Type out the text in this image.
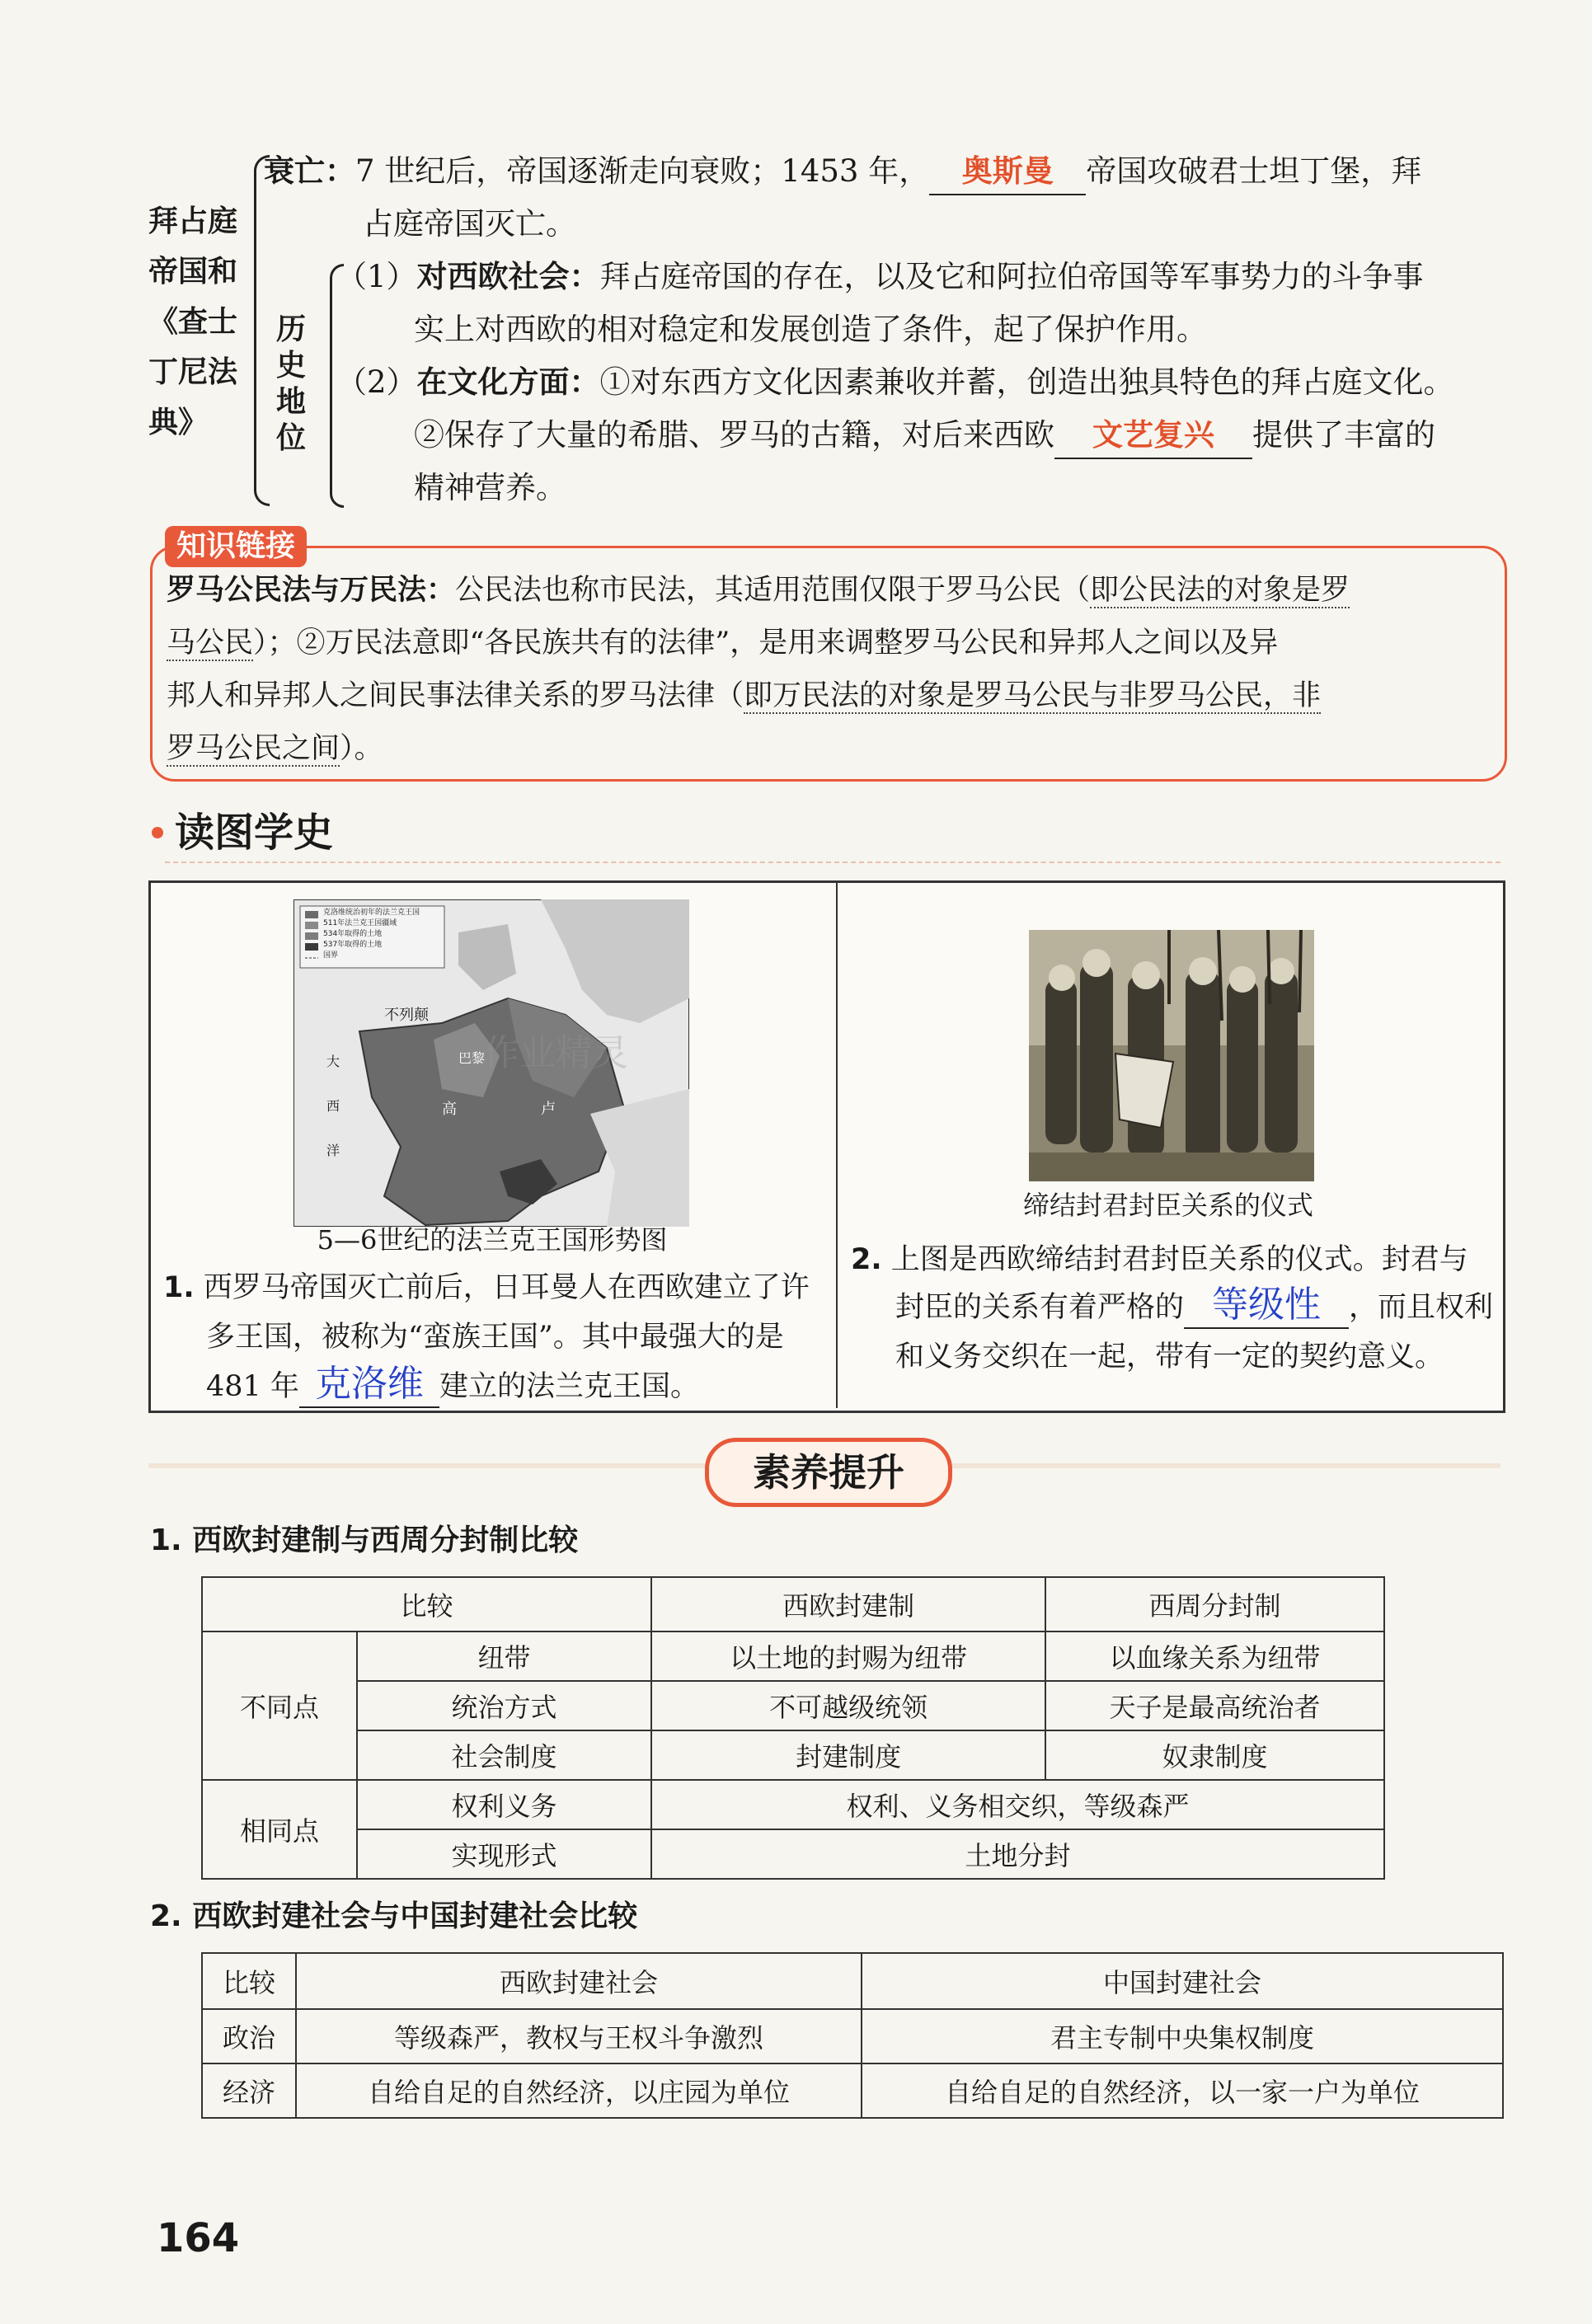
拜占庭
帝国和
《查士
丁尼法
典》
衰亡：7 世纪后，帝国逐渐走向衰败；1453 年， 奥斯曼 帝国攻破君士坦丁堡，拜
占庭帝国灭亡。
历
史
地
位
（1）对西欧社会：拜占庭帝国的存在，以及它和阿拉伯帝国等军事势力的斗争事
实上对西欧的相对稳定和发展创造了条件，起了保护作用。
（2）在文化方面：①对东西方文化因素兼收并蓄，创造出独具特色的拜占庭文化。
②保存了大量的希腊、罗马的古籍，对后来西欧 文艺复兴 提供了丰富的
精神营养。
知识链接
罗马公民法与万民法：公民法也称市民法，其适用范围仅限于罗马公民（即公民法的对象是罗
马公民）；②万民法意即“各民族共有的法律”，是用来调整罗马公民和异邦人之间以及异
邦人和异邦人之间民事法律关系的罗马法律（即万民法的对象是罗马公民与非罗马公民，非
罗马公民之间）。
读图学史
克洛维统治初年的法兰克王国
511年法兰克王国疆域
534年取得的土地
537年取得的土地
国界
不列颠
巴黎
高	卢
大
西
洋
作业精灵
5—6世纪的法兰克王国形势图
1. 西罗马帝国灭亡前后，日耳曼人在西欧建立了许
多王国，被称为“蛮族王国”。其中最强大的是
481 年 克洛维 建立的法兰克王国。
缔结封君封臣关系的仪式
2. 上图是西欧缔结封君封臣关系的仪式。封君与
封臣的关系有着严格的 等级性 ，而且权利
和义务交织在一起，带有一定的契约意义。
素养提升
1. 西欧封建制与西周分封制比较
比较		西欧封建制	西周分封制
不同点	纽带	以土地的封赐为纽带	以血缘关系为纽带
	统治方式	不可越级统领	天子是最高统治者
	社会制度	封建制度	奴隶制度
相同点	权利义务	权利、义务相交织，等级森严	
	实现形式	土地分封	
2. 西欧封建社会与中国封建社会比较
比较	西欧封建社会	中国封建社会
政治	等级森严，教权与王权斗争激烈	君主专制中央集权制度
经济	自给自足的自然经济，以庄园为单位	自给自足的自然经济，以一家一户为单位
164
